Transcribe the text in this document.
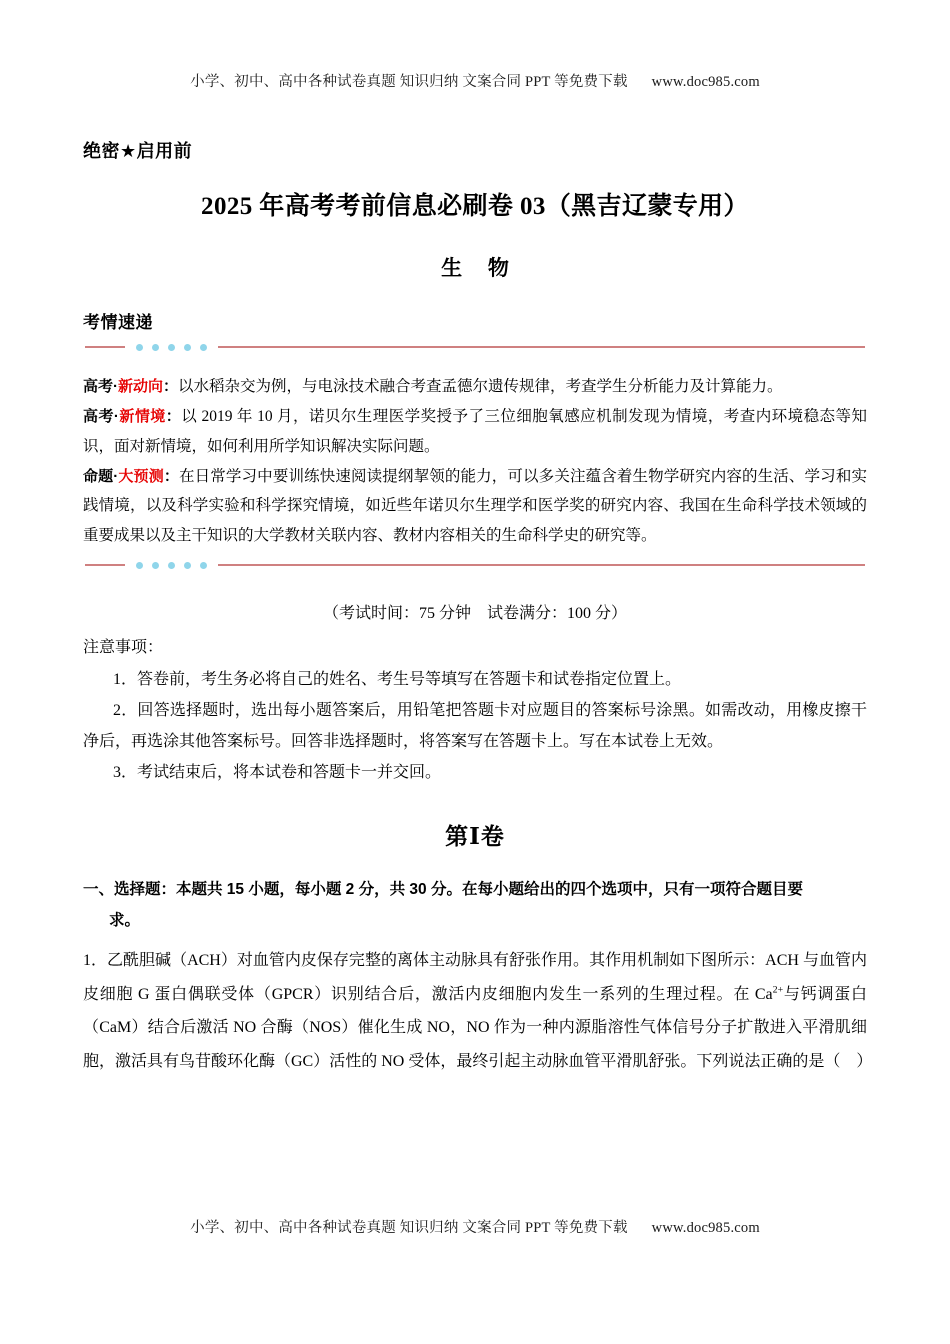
小学、初中、高中各种试卷真题 知识归纳 文案合同 PPT 等免费下载 www.doc985.com
绝密★启用前
2025 年高考考前信息必刷卷 03（黑吉辽蒙专用）
生 物
考情速递

高考·新动向：以水稻杂交为例，与电泳技术融合考查孟德尔遗传规律，考查学生分析能力及计算能力。

高考·新情境：以 2019 年 10 月，诺贝尔生理医学奖授予了三位细胞氧感应机制发现为情境，考查内环境稳态等知识，面对新情境，如何利用所学知识解决实际问题。

命题·大预测：在日常学习中要训练快速阅读提纲挈领的能力，可以多关注蕴含着生物学研究内容的生活、学习和实践情境，以及科学实验和科学探究情境，如近些年诺贝尔生理学和医学奖的研究内容、我国在生命科学技术领域的重要成果以及主干知识的大学教材关联内容、教材内容相关的生命科学史的研究等。

（考试时间：75 分钟　试卷满分：100 分）
注意事项：

1．答卷前，考生务必将自己的姓名、考生号等填写在答题卡和试卷指定位置上。

2．回答选择题时，选出每小题答案后，用铅笔把答题卡对应题目的答案标号涂黑。如需改动，用橡皮擦干净后，再选涂其他答案标号。回答非选择题时，将答案写在答题卡上。写在本试卷上无效。

3．考试结束后，将本试卷和答题卡一并交回。

第Ⅰ卷
一、选择题：本题共 15 小题，每小题 2 分，共 30 分。在每小题给出的四个选项中，只有一项符合题目要
求。

1．乙酰胆碱（ACH）对血管内皮保存完整的离体主动脉具有舒张作用。其作用机制如下图所示：ACH 与血管内皮细胞 G 蛋白偶联受体（GPCR）识别结合后，激活内皮细胞内发生一系列的生理过程。在 $Ca^{2+}$与钙调蛋白（CaM）结合后激活 NO 合酶（NOS）催化生成 NO，NO 作为一种内源脂溶性气体信号分子扩散进入平滑肌细胞，激活具有鸟苷酸环化酶（GC）活性的 NO 受体，最终引起主动脉血管平滑肌舒张。下列说法正确的是（　）

小学、初中、高中各种试卷真题 知识归纳 文案合同 PPT 等免费下载 www.doc985.com
